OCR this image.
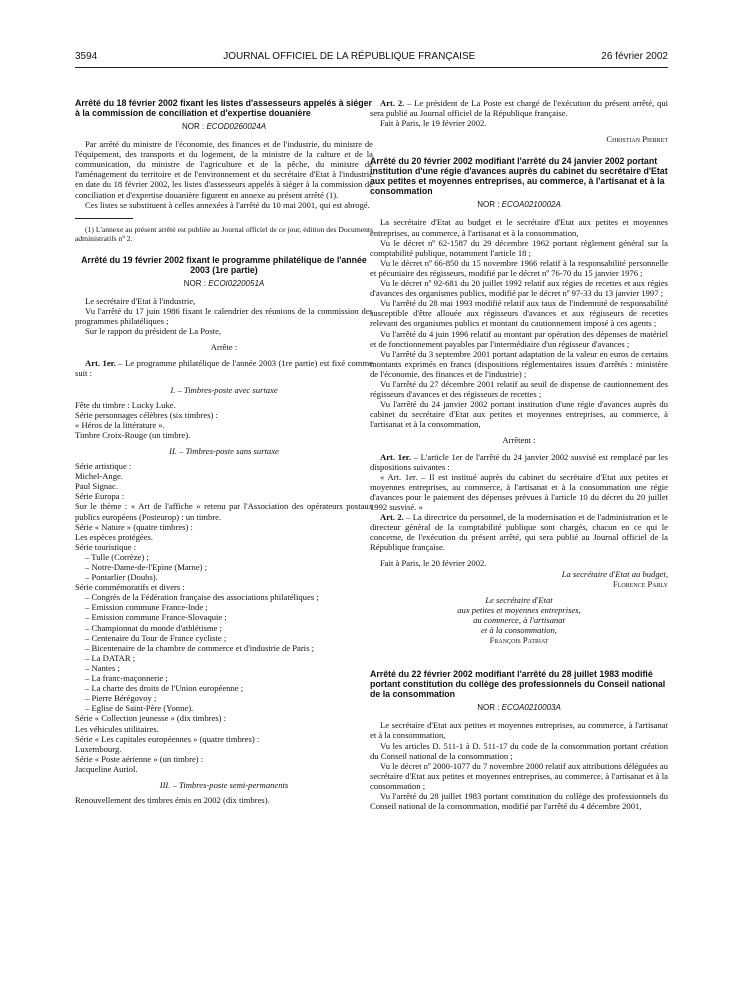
3594	JOURNAL OFFICIEL DE LA RÉPUBLIQUE FRANÇAISE	26 février 2002
Arrêté du 18 février 2002 fixant les listes d'assesseurs appelés à siéger à la commission de conciliation et d'expertise douanière
NOR : ECOD0260024A

Par arrêté du ministre de l'économie, des finances et de l'industrie, du ministre de l'équipement, des transports et du logement, de la ministre de la culture et de la communication, du ministre de l'agriculture et de la pêche, du ministre de l'aménagement du territoire et de l'environnement et du secrétaire d'Etat à l'industrie en date du 18 février 2002, les listes d'assesseurs appelés à siéger à la commission de conciliation et d'expertise douanière figurent en annexe au présent arrêté (1).

Ces listes se substituent à celles annexées à l'arrêté du 10 mai 2001, qui est abrogé.

(1) L'annexe au présent arrêté est publiée au Journal officiel de ce jour, édition des Documents administratifs nº 2.

Arrêté du 19 février 2002 fixant le programme philatélique de l'année 2003 (1re partie)
NOR : ECOI0220051A

Le secrétaire d'Etat à l'industrie,

Vu l'arrêté du 17 juin 1986 fixant le calendrier des réunions de la commission des programmes philatéliques ;

Sur le rapport du président de La Poste,

Arrête :

Art. 1er. – Le programme philatélique de l'année 2003 (1re partie) est fixé comme suit :

I. – Timbres-poste avec surtaxe

Fête du timbre : Lucky Luke.

Série personnages célèbres (six timbres) :

« Héros de la littérature ».

Timbre Croix-Rouge (un timbre).

II. – Timbres-poste sans surtaxe

Série artistique :

Michel-Ange.

Paul Signac.

Série Europa :

Sur le thème : « Art de l'affiche » retenu par l'Association des opérateurs postaux publics européens (Posteurop) : un timbre.

Série « Nature » (quatre timbres) :

Les espèces protégées.

Série touristique :

– Tulle (Corrèze) ;

– Notre-Dame-de-l'Epine (Marne) ;

– Pontarlier (Doubs).

Série commémoratifs et divers :

– Congrès de la Fédération française des associations philatéliques ;

– Emission commune France-Inde ;

– Emission commune France-Slovaquie ;

– Championnat du monde d'athlétisme ;

– Centenaire du Tour de France cycliste ;

– Bicentenaire de la chambre de commerce et d'industrie de Paris ;

– La DATAR ;

– Nantes ;

– La franc-maçonnerie ;

– La charte des droits de l'Union européenne ;

– Pierre Bérégovoy ;

– Eglise de Saint-Père (Yonne).

Série « Collection jeunesse » (dix timbres) :

Les véhicules utilitaires.

Série « Les capitales européennes » (quatre timbres) :

Luxembourg.

Série « Poste aérienne » (un timbre) :

Jacqueline Auriol.

III. – Timbres-poste semi-permanents

Renouvellement des timbres émis en 2002 (dix timbres).

Art. 2. – Le président de La Poste est chargé de l'exécution du présent arrêté, qui sera publié au Journal officiel de la République française.

Fait à Paris, le 19 février 2002.

Christian Pierret

Arrêté du 20 février 2002 modifiant l'arrêté du 24 janvier 2002 portant institution d'une régie d'avances auprès du cabinet du secrétaire d'Etat aux petites et moyennes entreprises, au commerce, à l'artisanat et à la consommation
NOR : ECOA0210002A

La secrétaire d'Etat au budget et le secrétaire d'Etat aux petites et moyennes entreprises, au commerce, à l'artisanat et à la consommation,

Vu le décret nº 62-1587 du 29 décembre 1962 portant règlement général sur la comptabilité publique, notamment l'article 18 ;

Vu le décret nº 66-850 du 15 novembre 1966 relatif à la responsabilité personnelle et pécuniaire des régisseurs, modifié par le décret nº 76-70 du 15 janvier 1976 ;

Vu le décret nº 92-681 du 20 juillet 1992 relatif aux régies de recettes et aux régies d'avances des organismes publics, modifié par le décret nº 97-33 du 13 janvier 1997 ;

Vu l'arrêté du 28 mai 1993 modifié relatif aux taux de l'indemnité de responsabilité susceptible d'être allouée aux régisseurs d'avances et aux régisseurs de recettes relevant des organismes publics et montant du cautionnement imposé à ces agents ;

Vu l'arrêté du 4 juin 1996 relatif au montant par opération des dépenses de matériel et de fonctionnement payables par l'intermédiaire d'un régisseur d'avances ;

Vu l'arrêté du 3 septembre 2001 portant adaptation de la valeur en euros de certains montants exprimés en francs (dispositions réglementaires issues d'arrêtés : ministère de l'économie, des finances et de l'industrie) ;

Vu l'arrêté du 27 décembre 2001 relatif au seuil de dispense de cautionnement des régisseurs d'avances et des régisseurs de recettes ;

Vu l'arrêté du 24 janvier 2002 portant institution d'une régie d'avances auprès du cabinet du secrétaire d'Etat aux petites et moyennes entreprises, au commerce, à l'artisanat et à la consommation,

Arrêtent :

Art. 1er. – L'article 1er de l'arrêté du 24 janvier 2002 susvisé est remplacé par les dispositions suivantes :

« Art. 1er. – Il est institué auprès du cabinet du secrétaire d'Etat aux petites et moyennes entreprises, au commerce, à l'artisanat et à la consommation une régie d'avances pour le paiement des dépenses prévues à l'article 10 du décret du 20 juillet 1992 susvisé. »

Art. 2. – La directrice du personnel, de la modernisation et de l'administration et le directeur général de la comptabilité publique sont chargés, chacun en ce qui le concerne, de l'exécution du présent arrêté, qui sera publié au Journal officiel de la République française.

Fait à Paris, le 20 février 2002.

La secrétaire d'Etat au budget,

Florence Parly

Le secrétaire d'Etat
aux petites et moyennes entreprises,
au commerce, à l'artisanat
et à la consommation,
François Patriat
Arrêté du 22 février 2002 modifiant l'arrêté du 28 juillet 1983 modifié portant constitution du collège des professionnels du Conseil national de la consommation
NOR : ECOA0210003A

Le secrétaire d'Etat aux petites et moyennes entreprises, au commerce, à l'artisanat et à la consommation,

Vu les articles D. 511-1 à D. 511-17 du code de la consommation portant création du Conseil national de la consommation ;

Vu le décret nº 2000-1077 du 7 novembre 2000 relatif aux attributions déléguées au secrétaire d'Etat aux petites et moyennes entreprises, au commerce, à l'artisanat et à la consommation ;

Vu l'arrêté du 28 juillet 1983 portant constitution du collège des professionnels du Conseil national de la consommation, modifié par l'arrêté du 4 décembre 2001,
